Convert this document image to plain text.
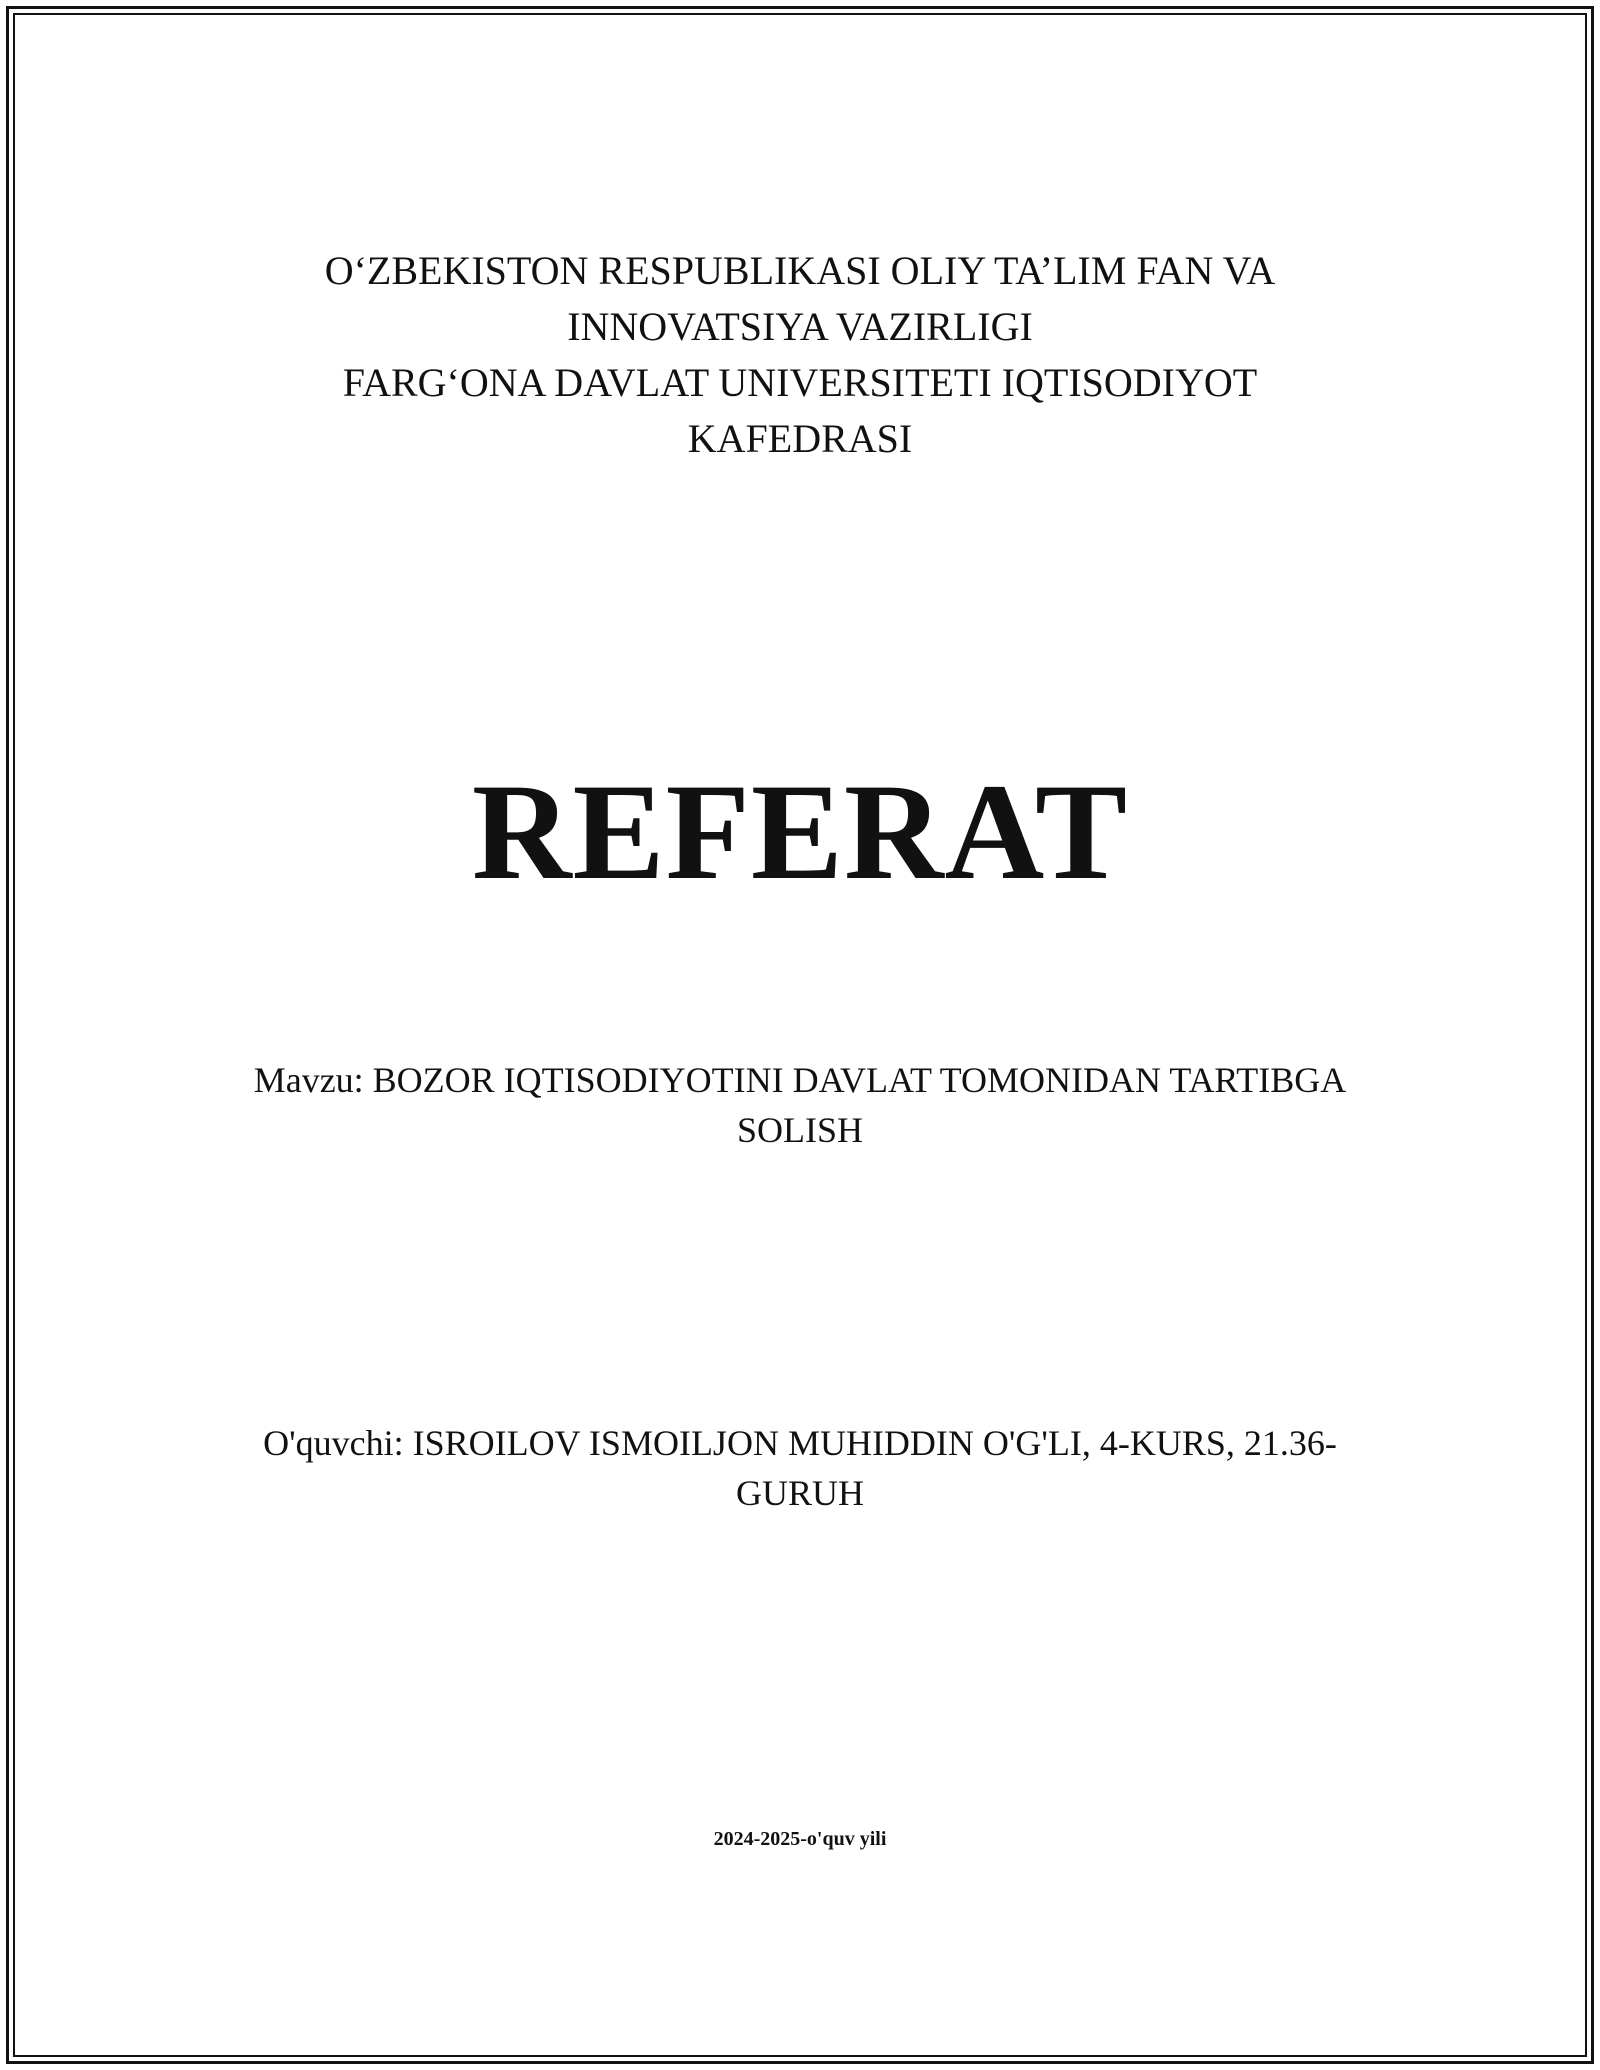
O‘ZBEKISTON RESPUBLIKASI OLIY TA’LIM FAN VA
INNOVATSIYA VAZIRLIGI
FARG‘ONA DAVLAT UNIVERSITETI IQTISODIYOT
KAFEDRASI
REFERAT
Mavzu: BOZOR IQTISODIYOTINI DAVLAT TOMONIDAN TARTIBGA
SOLISH
O'quvchi: ISROILOV ISMOILJON MUHIDDIN O'G'LI, 4-KURS, 21.36-
GURUH
2024-2025-o'quv yili
